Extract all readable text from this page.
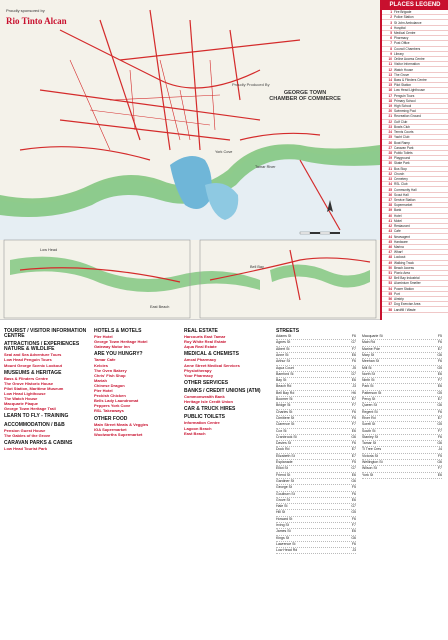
Proudly sponsored by
Rio Tinto Alcan
Proudly Produced By
GEORGE TOWN
CHAMBER OF COMMERCE
Tamar River
Low Head
East Beach
Bell Bay
York Cove
PLACES LEGEND
1 Fire Brigade
2 Police Station
3 St John Ambulance
4 Hospital
5 Medical Centre
6 Pharmacy
7 Post Office
8 Council Chambers
9 Library
10 Online Access Centre
11 Visitor Information
12 Watch House
13 The Grove
14 Bass & Flinders Centre
15 Pilot Station
16 Low Head Lighthouse
17 Penguin Tours
18 Primary School
19 High School
20 Swimming Pool
21 Recreation Ground
22 Golf Club
23 Bowls Club
24 Tennis Courts
25 Yacht Club
26 Boat Ramp
27 Caravan Park
28 Public Toilets
29 Playground
30 Skate Park
31 Bus Stop
32 Church
33 Cemetery
34 RSL Club
35 Community Hall
36 Scout Hall
37 Service Station
38 Supermarket
39 Bank
40 Hotel
41 Motel
42 Restaurant
43 Cafe
44 Newsagent
45 Hardware
46 Marina
47 Wharf
48 Lookout
49 Walking Track
50 Beach Access
51 Picnic Area
52 Bell Bay Industrial
53 Aluminium Smelter
54 Power Station
55 Port
56 Airstrip
57 Dog Exercise Area
58 Landfill / Waste
TOURIST / VISITOR INFORMATION CENTRE
ATTRACTIONS / EXPERIENCES NATURE & WILDLIFE
Seal and Sea Adventure Tours
Low Head Penguin Tours
Mount George Scenic Lookout
MUSEUMS & HERITAGE
Bass & Flinders Centre
The Grove Historic House
Pilot Station, Maritime Museum
Low Head Lighthouse
The Watch House
Macquarie Plaque
George Town Heritage Trail
LEARN TO FLY - TRAINING
ACCOMMODATION / B&B
Pension Guest House
The Gables of the Grove
CARAVAN PARKS & CABINS
Low Head Tourist Park
HOTELS & MOTELS
Pier Hotel
George Town Heritage Hotel
Gateway Motor Inn
ARE YOU HUNGRY?
Tamar Cafe
Kelcies
The Oven Bakery
Chris' Fish Shop
Mariah
Chinese Dragon
Pier Hotel
Peckish Chicken
Bells Lady Laundromat
Peppers York Cove
RSL Takeaways
OTHER FOOD
Main Street Meats & Veggies
IGA Supermarket
Woolworths Supermarket
REAL ESTATE
Harcourts East Tamar
Roy White Real Estate
Aqua Real Estate
MEDICAL & CHEMISTS
Amcal Pharmacy
Anne Street Medical Services
Physiotherapy
Your Pharmacy
OTHER SERVICES
BANKS / CREDIT UNIONS (ATM)
Commonwealth Bank
Heritage Isle Credit Union
CAR & TRUCK HIRES
PUBLIC TOILETS
Information Centre
Lagoon Beach
East Beach
STREETS
Adams St	F6
Agnes St	G7
Albert St	F7
Anne St	E6
Arthur St	F6
Aqua Court	J5
Bamford St	D7
Bay St	E6
Beach Rd	J3
Bell Bay Rd	H6
Boomer St	E7
Bridge St	F7
Charles St	F6
Cimitiere St	F5
Clarence St	F7
Cox St	E6
Cranbrook St	G6
Davies St	F6
Dock Rd	E7
Elizabeth St	E7
Esplanade	F5
Elliot St	G7
Friend St	E6
Gardiner St	G6
George St	F5
Goulburn St	F6
Grove St	E6
Hale St	G7
Hill St	G5
Howard St	F6
Irving St	F7
James St	E6
Kings St	G6
Lawrence St	F6
Low Head Rd	J3
Macquarie St	F5
Main Rd	F6
Marine Pde	E7
Mary St	G6
Meehan St	F6
Mill St	G5
North St	E6
Ninth St	F7
Park St	E6
Patterson St	G5
Percy St	E7
Queen St	G6
Regent St	F6
River Rd	E7
Sorell St	G5
South St	F7
Stanley St	F6
Tamar St	G6
Ti Tree Cres	J4
Victoria St	F5
Wellington St	G6
Wilson St	F7
York St	E6
